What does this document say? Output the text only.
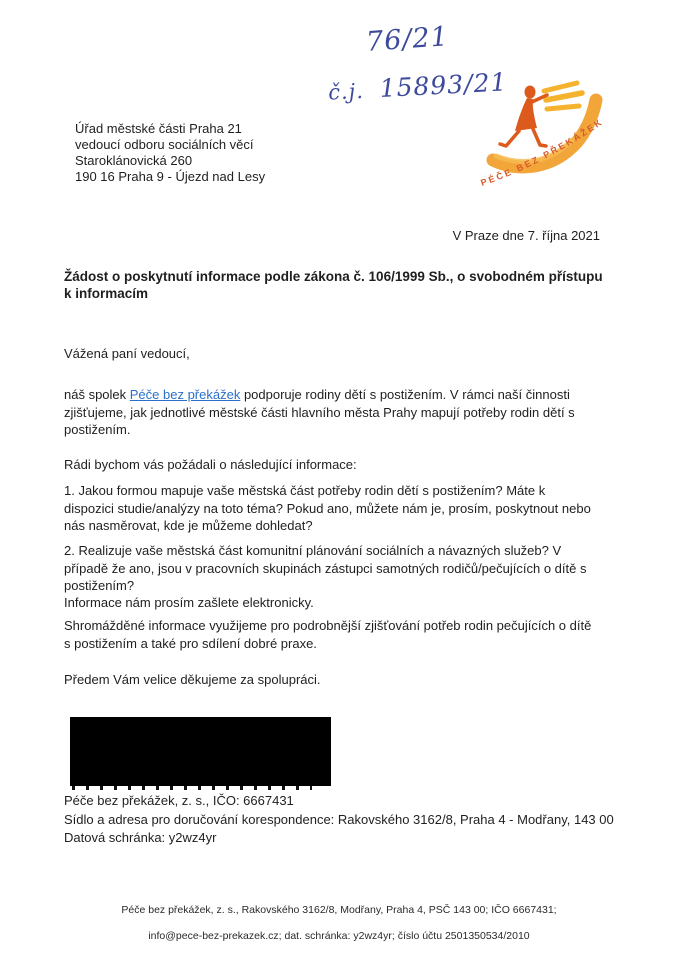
76/21
č.j. 15893/21
PÉČE BEZ PŘEKÁŽEK
Úřad městské části Praha 21
vedoucí odboru sociálních věcí
Staroklánovická 260
190 16 Praha 9 - Újezd nad Lesy
V Praze dne 7. října 2021
Žádost o poskytnutí informace podle zákona č. 106/1999 Sb., o svobodném přístupu k informacím
Vážená paní vedoucí,
náš spolek Péče bez překážek podporuje rodiny dětí s postižením. V rámci naší činnosti zjišťujeme, jak jednotlivé městské části hlavního města Prahy mapují potřeby rodin dětí s postižením.
Rádi bychom vás požádali o následující informace:
1. Jakou formou mapuje vaše městská část potřeby rodin dětí s postižením? Máte k dispozici studie/analýzy na toto téma? Pokud ano, můžete nám je, prosím, poskytnout nebo nás nasměrovat, kde je můžeme dohledat?
2. Realizuje vaše městská část komunitní plánování sociálních a návazných služeb? V případě že ano, jsou v pracovních skupinách zástupci samotných rodičů/pečujících o dítě s postižením?
Informace nám prosím zašlete elektronicky.
Shromážděné informace využijeme pro podrobnější zjišťování potřeb rodin pečujících o dítě s postižením a také pro sdílení dobré praxe.
Předem Vám velice děkujeme za spolupráci.
Péče bez překážek, z. s., IČO: 6667431
Sídlo a adresa pro doručování korespondence: Rakovského 3162/8, Praha 4 - Modřany, 143 00
Datová schránka: y2wz4yr
Péče bez překážek, z. s., Rakovského 3162/8, Modřany, Praha 4, PSČ 143 00; IČO 6667431;
info@pece-bez-prekazek.cz; dat. schránka: y2wz4yr; číslo účtu 2501350534/2010
